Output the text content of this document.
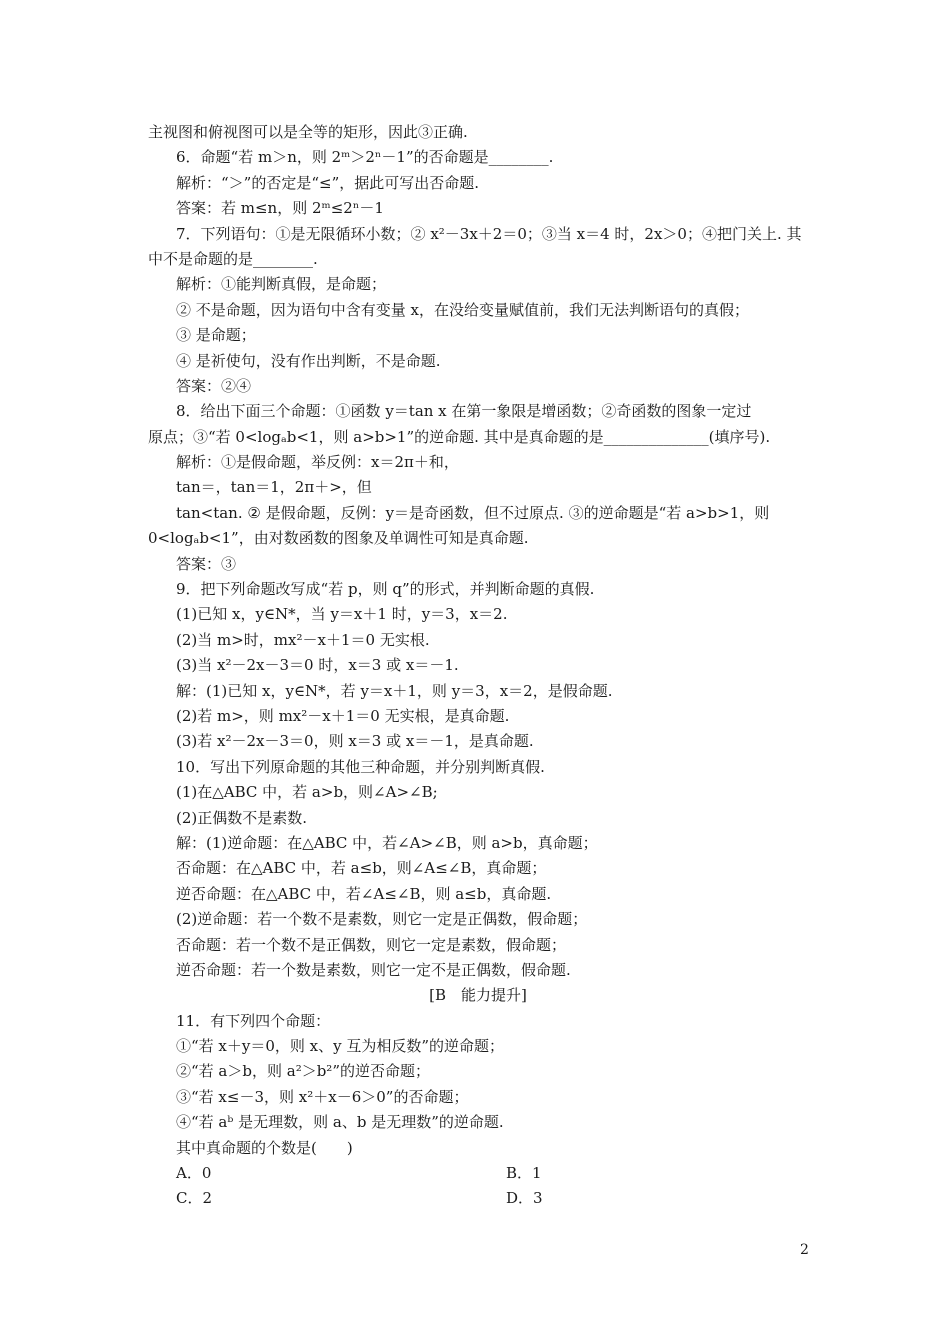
主视图和俯视图可以是全等的矩形，因此③正确.
6．命题“若 m＞n，则 2ᵐ＞2ⁿ－1”的否命题是________.
解析：“＞”的否定是“≤”，据此可写出否命题.
答案：若 m≤n，则 2ᵐ≤2ⁿ－1
7．下列语句：①是无限循环小数；② x²－3x＋2＝0；③当 x＝4 时，2x＞0；④把门关上. 其
中不是命题的是________.
解析：①能判断真假，是命题；
② 不是命题，因为语句中含有变量 x，在没给变量赋值前，我们无法判断语句的真假；
③ 是命题；
④ 是祈使句，没有作出判断，不是命题.
答案：②④
8．给出下面三个命题：①函数 y＝tan x 在第一象限是增函数；②奇函数的图象一定过
原点；③“若 0<logₐb<1，则 a>b>1”的逆命题. 其中是真命题的是______________(填序号).
解析：①是假命题，举反例：x＝2π＋和，
tan＝，tan＝1，2π＋>，但
tan<tan. ② 是假命题，反例：y＝是奇函数，但不过原点. ③的逆命题是“若 a>b>1，则
0<logₐb<1”，由对数函数的图象及单调性可知是真命题.
答案：③
9．把下列命题改写成“若 p，则 q”的形式，并判断命题的真假.
(1)已知 x，y∈N*，当 y＝x＋1 时，y＝3，x＝2.
(2)当 m>时，mx²－x＋1＝0 无实根.
(3)当 x²－2x－3＝0 时，x＝3 或 x＝－1.
解：(1)已知 x，y∈N*，若 y＝x＋1，则 y＝3，x＝2，是假命题.
(2)若 m>，则 mx²－x＋1＝0 无实根，是真命题.
(3)若 x²－2x－3＝0，则 x＝3 或 x＝－1，是真命题.
10．写出下列原命题的其他三种命题，并分别判断真假.
(1)在△ABC 中，若 a>b，则∠A>∠B;
(2)正偶数不是素数.
解：(1)逆命题：在△ABC 中，若∠A>∠B，则 a>b，真命题；
否命题：在△ABC 中，若 a≤b，则∠A≤∠B，真命题；
逆否命题：在△ABC 中，若∠A≤∠B，则 a≤b，真命题.
(2)逆命题：若一个数不是素数，则它一定是正偶数，假命题；
否命题：若一个数不是正偶数，则它一定是素数，假命题；
逆否命题：若一个数是素数，则它一定不是正偶数，假命题.
[B　能力提升]
11．有下列四个命题：
①“若 x＋y＝0，则 x、y 互为相反数”的逆命题；
②“若 a＞b，则 a²＞b²”的逆否命题；
③“若 x≤－3，则 x²＋x－6＞0”的否命题；
④“若 aᵇ 是无理数，则 a、b 是无理数”的逆命题.
其中真命题的个数是(　　)
A．0	B．1
C．2	D．3
2
